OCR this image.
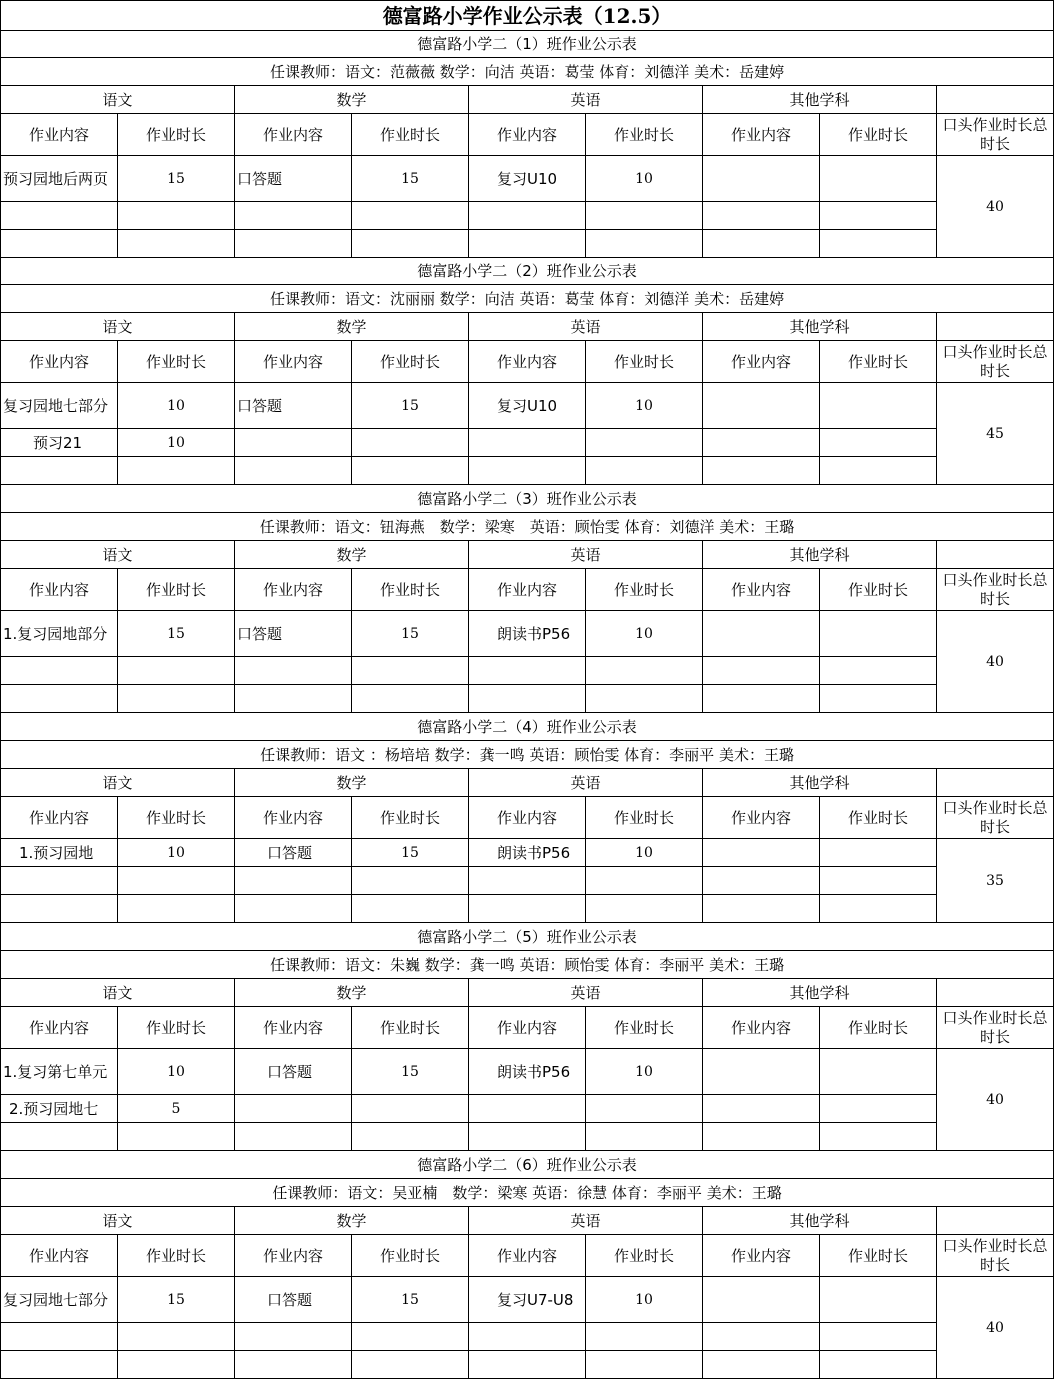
德富路小学作业公示表（12.5）								
德富路小学二（1）班作业公示表								
任课教师：语文：范薇薇 数学：向洁 英语：葛莹 体育：刘德洋 美术：岳建婷								
语文		数学		英语		其他学科		
作业内容	作业时长	作业内容	作业时长	作业内容	作业时长	作业内容	作业时长	口头作业时长总时长
预习园地后两页	15	口答题	15	复习U10	10			40

德富路小学二（2）班作业公示表								
任课教师：语文：沈丽丽 数学：向洁 英语：葛莹 体育：刘德洋 美术：岳建婷								
语文		数学		英语		其他学科		
作业内容	作业时长	作业内容	作业时长	作业内容	作业时长	作业内容	作业时长	口头作业时长总时长
复习园地七部分	10	口答题	15	复习U10	10			45
预习21	10							

德富路小学二（3）班作业公示表								
任课教师：语文：钮海燕　数学：梁寒　英语：顾怡雯 体育：刘德洋 美术：王璐								
语文		数学		英语		其他学科		
作业内容	作业时长	作业内容	作业时长	作业内容	作业时长	作业内容	作业时长	口头作业时长总时长
1.复习园地部分	15	口答题	15	朗读书P56	10			40

德富路小学二（4）班作业公示表								
任课教师：语文 ：杨培培 数学：龚一鸣 英语：顾怡雯 体育：李丽平 美术：王璐								
语文		数学		英语		其他学科		
作业内容	作业时长	作业内容	作业时长	作业内容	作业时长	作业内容	作业时长	口头作业时长总时长
1.预习园地	10	口答题	15	朗读书P56	10			35

德富路小学二（5）班作业公示表								
任课教师：语文：朱巍 数学：龚一鸣 英语：顾怡雯 体育：李丽平 美术：王璐								
语文		数学		英语		其他学科		
作业内容	作业时长	作业内容	作业时长	作业内容	作业时长	作业内容	作业时长	口头作业时长总时长
1.复习第七单元	10	口答题	15	朗读书P56	10			40
2.预习园地七	5							

德富路小学二（6）班作业公示表								
任课教师：语文：吴亚楠　数学：梁寒 英语：徐慧 体育：李丽平 美术：王璐								
语文		数学		英语		其他学科		
作业内容	作业时长	作业内容	作业时长	作业内容	作业时长	作业内容	作业时长	口头作业时长总时长
复习园地七部分	15	口答题	15	复习U7-U8	10			40
